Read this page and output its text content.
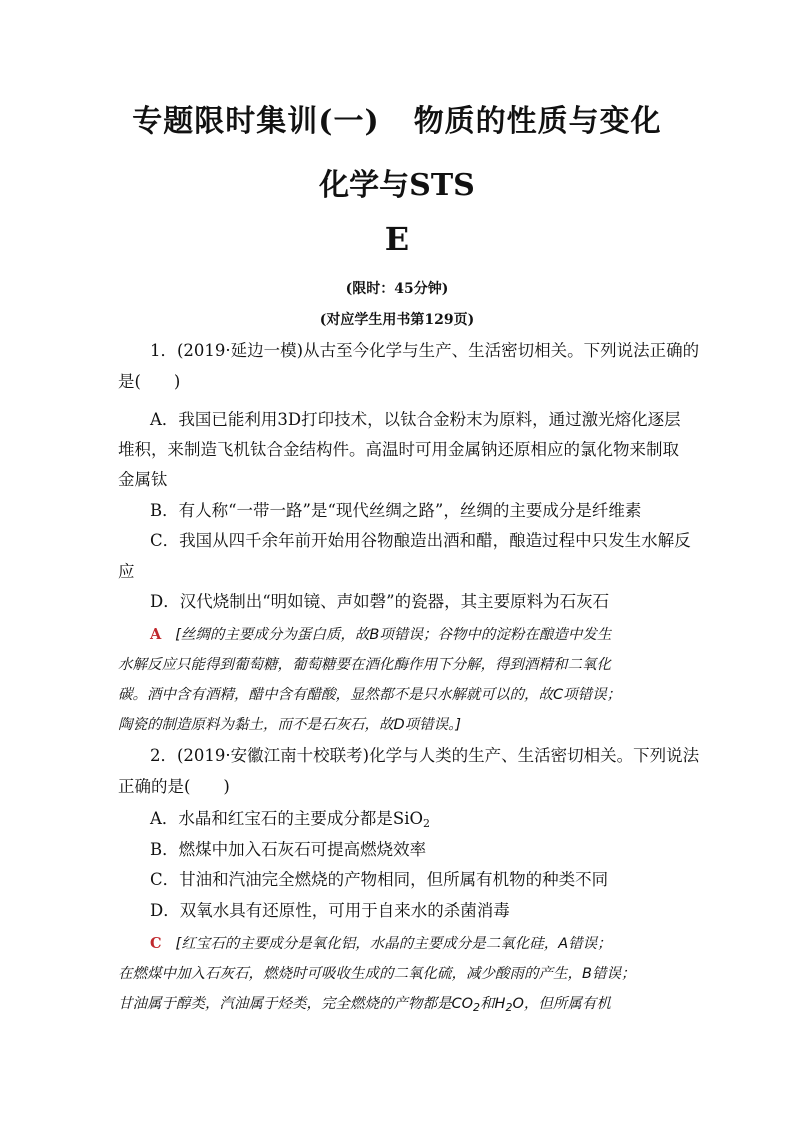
专题限时集训(一) 物质的性质与变化
化学与STS
E
(限时：45分钟)
(对应学生用书第129页)
1．(2019·延边一模)从古至今化学与生产、生活密切相关。下列说法正确的
是(　　)
A．我国已能利用3D打印技术，以钛合金粉末为原料，通过激光熔化逐层
堆积，来制造飞机钛合金结构件。高温时可用金属钠还原相应的氯化物来制取
金属钛
B．有人称“一带一路”是“现代丝绸之路”，丝绸的主要成分是纤维素
C．我国从四千余年前开始用谷物酿造出酒和醋，酿造过程中只发生水解反
应
D．汉代烧制出“明如镜、声如磬”的瓷器，其主要原料为石灰石
A [丝绸的主要成分为蛋白质，故B项错误；谷物中的淀粉在酿造中发生
水解反应只能得到葡萄糖，葡萄糖要在酒化酶作用下分解，得到酒精和二氧化
碳。酒中含有酒精，醋中含有醋酸，显然都不是只水解就可以的，故C项错误；
陶瓷的制造原料为黏土，而不是石灰石，故D项错误。]
2．(2019·安徽江南十校联考)化学与人类的生产、生活密切相关。下列说法
正确的是(　　)
A．水晶和红宝石的主要成分都是SiO$_2$
B．燃煤中加入石灰石可提高燃烧效率
C．甘油和汽油完全燃烧的产物相同，但所属有机物的种类不同
D．双氧水具有还原性，可用于自来水的杀菌消毒
C [红宝石的主要成分是氧化铝，水晶的主要成分是二氧化硅，A错误；
在燃煤中加入石灰石，燃烧时可吸收生成的二氧化硫，减少酸雨的产生，B错误；
甘油属于醇类，汽油属于烃类，完全燃烧的产物都是$CO_2$和$H_2O$，但所属有机
